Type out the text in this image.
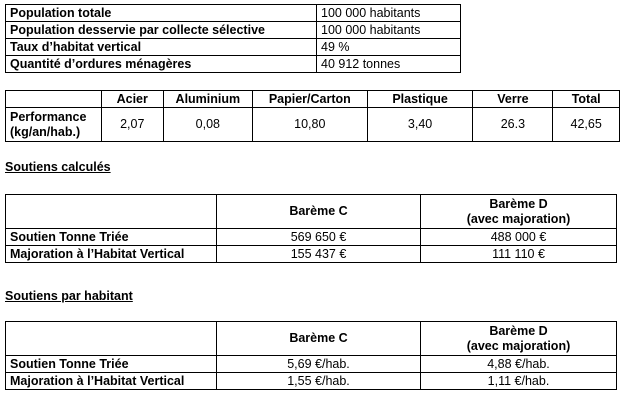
Population totale	100 000 habitants
Population desservie par collecte sélective	100 000 habitants
Taux d’habitat vertical	49 %
Quantité d’ordures ménagères	40 912 tonnes
	Acier	Aluminium	Papier/Carton	Plastique	Verre	Total
Performance (kg/an/hab.)	2,07	0,08	10,80	3,40	26.3	42,65
Soutiens calculés
	Barème C	Barème D
(avec majoration)

Soutien Tonne Triée	569 650 €	488 000 €
Majoration à l’Habitat Vertical	155 437 €	111 110 €
Soutiens par habitant
	Barème C	Barème D
(avec majoration)

Soutien Tonne Triée	5,69 €/hab.	4,88 €/hab.
Majoration à l’Habitat Vertical	1,55 €/hab.	1,11 €/hab.
